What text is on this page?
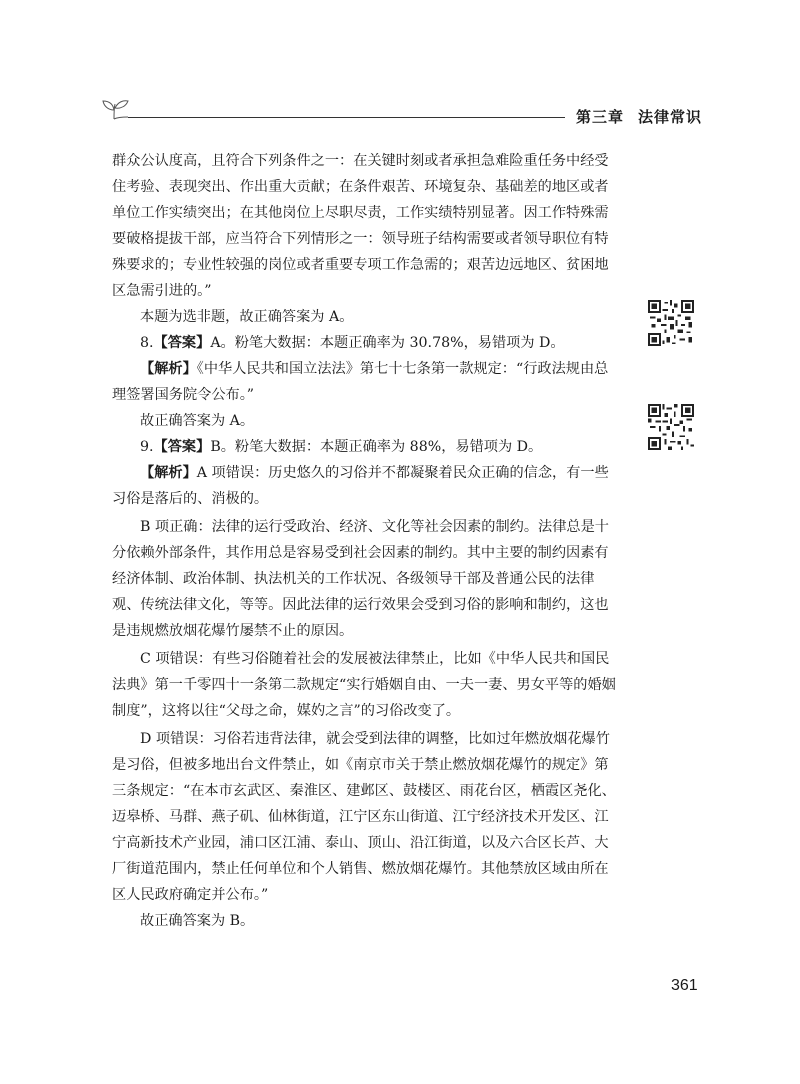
第三章 法律常识

群众公认度高，且符合下列条件之一：在关键时刻或者承担急难险重任务中经受住考验、表现突出、作出重大贡献；在条件艰苦、环境复杂、基础差的地区或者单位工作实绩突出；在其他岗位上尽职尽责，工作实绩特别显著。因工作特殊需要破格提拔干部，应当符合下列情形之一：领导班子结构需要或者领导职位有特殊要求的；专业性较强的岗位或者重要专项工作急需的；艰苦边远地区、贫困地区急需引进的。”

本题为选非题，故正确答案为 A。

8.【答案】A。粉笔大数据：本题正确率为 30.78%，易错项为 D。

【解析】《中华人民共和国立法法》第七十七条第一款规定：“行政法规由总理签署国务院令公布。”

故正确答案为 A。

9.【答案】B。粉笔大数据：本题正确率为 88%，易错项为 D。

【解析】A 项错误：历史悠久的习俗并不都凝聚着民众正确的信念，有一些习俗是落后的、消极的。

B 项正确：法律的运行受政治、经济、文化等社会因素的制约。法律总是十分依赖外部条件，其作用总是容易受到社会因素的制约。其中主要的制约因素有经济体制、政治体制、执法机关的工作状况、各级领导干部及普通公民的法律观、传统法律文化，等等。因此法律的运行效果会受到习俗的影响和制约，这也是违规燃放烟花爆竹屡禁不止的原因。

C 项错误：有些习俗随着社会的发展被法律禁止，比如《中华人民共和国民法典》第一千零四十一条第二款规定“实行婚姻自由、一夫一妻、男女平等的婚姻制度”，这将以往“父母之命，媒妁之言”的习俗改变了。

D 项错误：习俗若违背法律，就会受到法律的调整，比如过年燃放烟花爆竹是习俗，但被多地出台文件禁止，如《南京市关于禁止燃放烟花爆竹的规定》第三条规定：“在本市玄武区、秦淮区、建邺区、鼓楼区、雨花台区，栖霞区尧化、迈皋桥、马群、燕子矶、仙林街道，江宁区东山街道、江宁经济技术开发区、江宁高新技术产业园，浦口区江浦、泰山、顶山、沿江街道，以及六合区长芦、大厂街道范围内，禁止任何单位和个人销售、燃放烟花爆竹。其他禁放区域由所在区人民政府确定并公布。”

故正确答案为 B。

361
